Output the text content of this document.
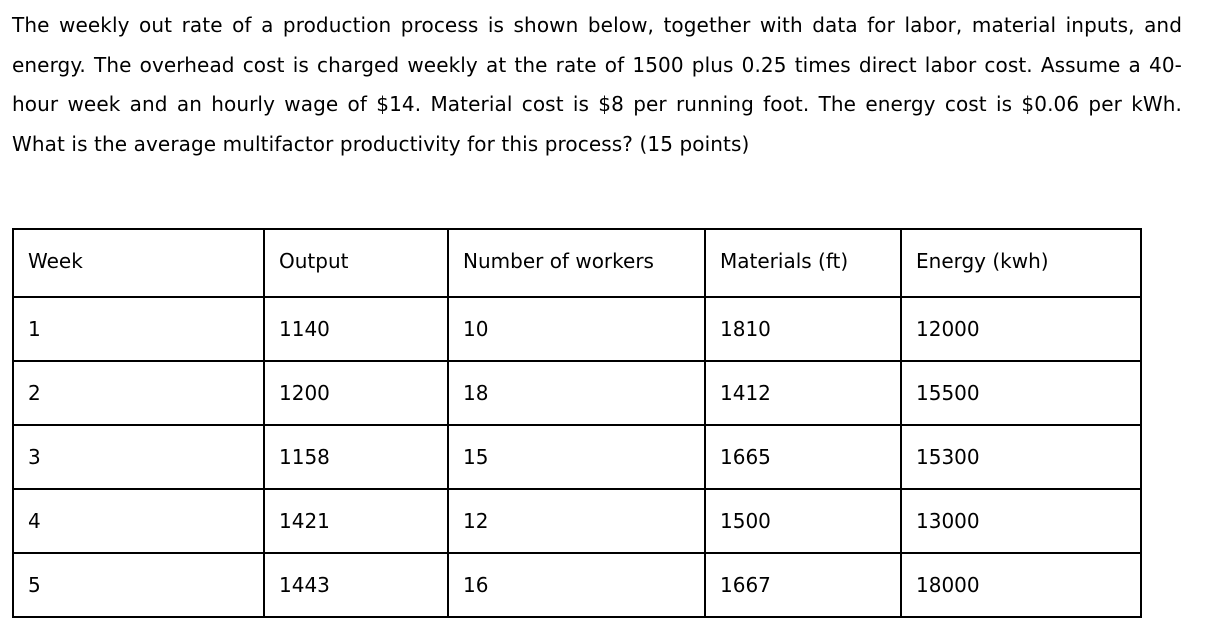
The weekly out rate of a production process is shown below, together with data for labor, material inputs, and energy. The overhead cost is charged weekly at the rate of 1500 plus 0.25 times direct labor cost. Assume a 40-hour week and an hourly wage of $14. Material cost is $8 per running foot. The energy cost is $0.06 per kWh. What is the average multifactor productivity for this process? (15 points)

Week	Output	Number of workers	Materials (ft)	Energy (kwh)
1	1140	10	1810	12000
2	1200	18	1412	15500
3	1158	15	1665	15300
4	1421	12	1500	13000
5	1443	16	1667	18000
